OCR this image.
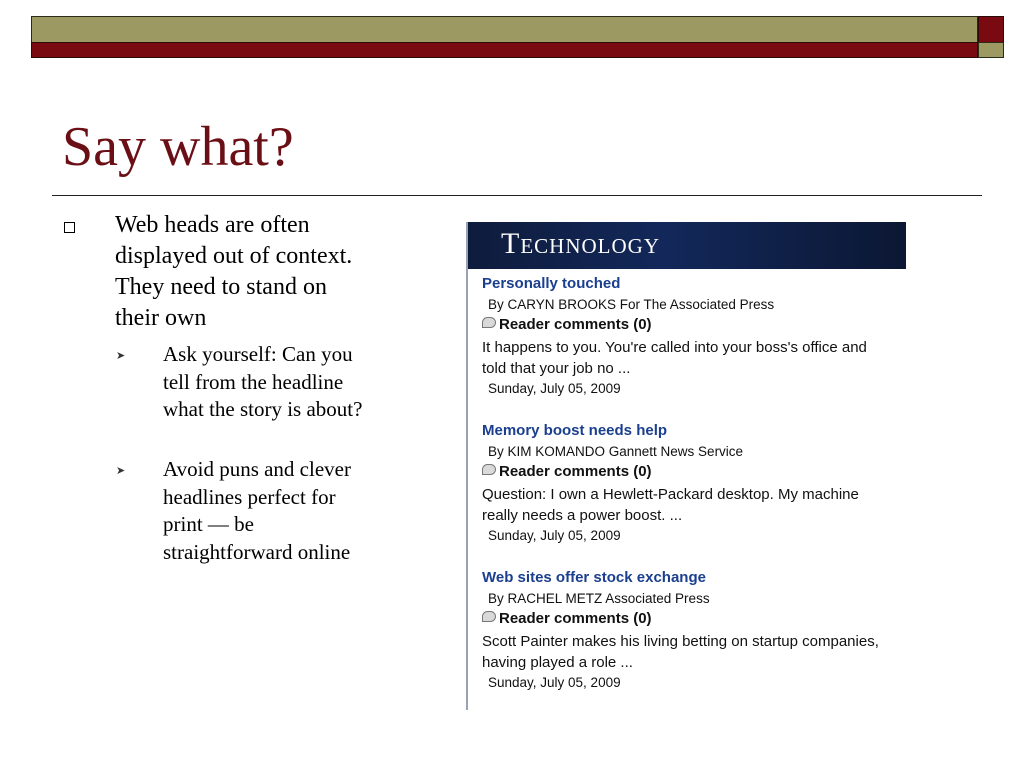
Say what?

Web heads are often displayed out of context. They need to stand on their own

➤ Ask yourself: Can you tell from the headline what the story is about?

➤ Avoid puns and clever headlines perfect for print — be straightforward online

Technology
Personally touched
By CARYN BROOKS For The Associated Press
Reader comments (0)
It happens to you. You're called into your boss's office and told that your job no ...
Sunday, July 05, 2009
Memory boost needs help
By KIM KOMANDO Gannett News Service
Reader comments (0)
Question: I own a Hewlett-Packard desktop. My machine really needs a power boost. ...
Sunday, July 05, 2009
Web sites offer stock exchange
By RACHEL METZ Associated Press
Reader comments (0)
Scott Painter makes his living betting on startup companies, having played a role ...
Sunday, July 05, 2009
